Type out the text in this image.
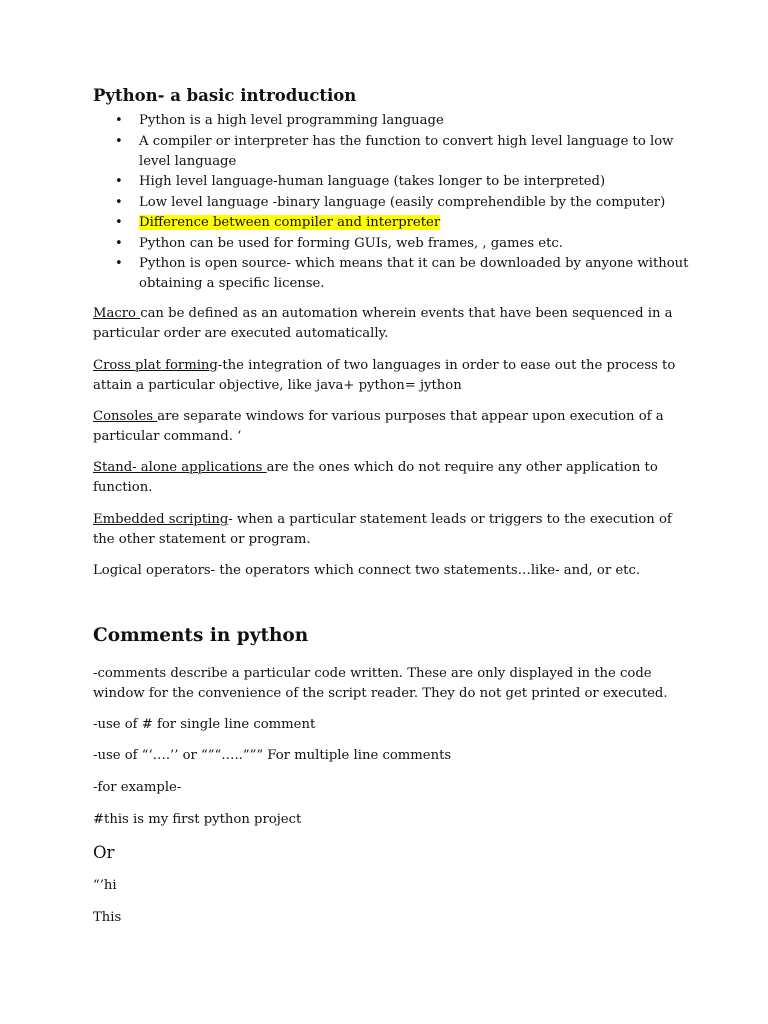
Python- a basic introduction
• Python is a high level programming language
• A compiler or interpreter has the function to convert high level language to low level language
• High level language-human language (takes longer to be interpreted)
• Low level language -binary language (easily comprehendible by the computer)
• Difference between compiler and interpreter
• Python can be used for forming GUIs, web frames, , games etc.
• Python is open source- which means that it can be downloaded by anyone without obtaining a specific license.

Macro can be defined as an automation wherein events that have been sequenced in a particular order are executed automatically.

Cross plat forming-the integration of two languages in order to ease out the process to attain a particular objective, like java+ python= jython

Consoles are separate windows for various purposes that appear upon execution of a particular command. ‘

Stand- alone applications are the ones which do not require any other application to function.

Embedded scripting- when a particular statement leads or triggers to the execution of the other statement or program.

Logical operators- the operators which connect two statements…like- and, or etc.

Comments in python

-comments describe a particular code written. These are only displayed in the code window for the convenience of the script reader. They do not get printed or executed.

-use of # for single line comment

-use of “‘….’’ or “”“…..””” For multiple line comments

-for example-

#this is my first python project

Or

“’hi

This
